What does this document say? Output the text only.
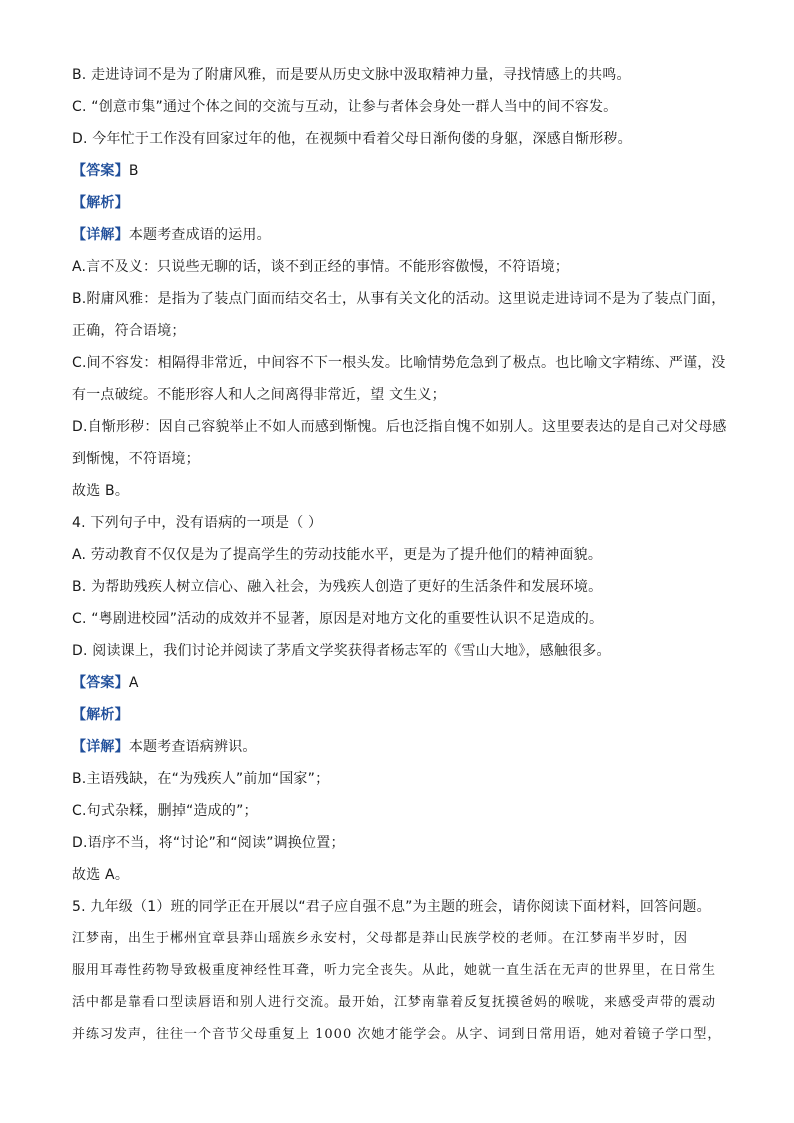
B. 走进诗词不是为了附庸风雅，而是要从历史文脉中汲取精神力量，寻找情感上的共鸣。
C. “创意市集”通过个体之间的交流与互动，让参与者体会身处一群人当中的间不容发。
D. 今年忙于工作没有回家过年的他，在视频中看着父母日渐佝偻的身躯，深感自惭形秽。
【答案】B
【解析】
【详解】本题考查成语的运用。
A.言不及义：只说些无聊的话，谈不到正经的事情。不能形容傲慢，不符语境；
B.附庸风雅：是指为了装点门面而结交名士，从事有关文化的活动。这里说走进诗词不是为了装点门面，
正确，符合语境；
C.间不容发：相隔得非常近，中间容不下一根头发。比喻情势危急到了极点。也比喻文字精练、严谨，没
有一点破绽。不能形容人和人之间离得非常近，望 文生义；
D.自惭形秽：因自己容貌举止不如人而感到惭愧。后也泛指自愧不如别人。这里要表达的是自己对父母感
到惭愧，不符语境；
故选 B。
4. 下列句子中，没有语病的一项是（ ）
A. 劳动教育不仅仅是为了提高学生的劳动技能水平，更是为了提升他们的精神面貌。
B. 为帮助残疾人树立信心、融入社会，为残疾人创造了更好的生活条件和发展环境。
C. “粤剧进校园”活动的成效并不显著，原因是对地方文化的重要性认识不足造成的。
D. 阅读课上，我们讨论并阅读了茅盾文学奖获得者杨志军的《雪山大地》，感触很多。
【答案】A
【解析】
【详解】本题考查语病辨识。
B.主语残缺，在“为残疾人”前加“国家”；
C.句式杂糅，删掉“造成的”；
D.语序不当，将“讨论”和“阅读”调换位置；
故选 A。
5. 九年级（1）班的同学正在开展以“君子应自强不息”为主题的班会，请你阅读下面材料，回答问题。
江梦南，出生于郴州宜章县莽山瑶族乡永安村，父母都是莽山民族学校的老师。在江梦南半岁时，因
服用耳毒性药物导致极重度神经性耳聋，听力完全丧失。从此，她就一直生活在无声的世界里，在日常生
活中都是靠看口型读唇语和别人进行交流。最开始，江梦南靠着反复抚摸爸妈的喉咙，来感受声带的震动
并练习发声，往往一个音节父母重复上 1000 次她才能学会。从字、词到日常用语，她对着镜子学口型，
